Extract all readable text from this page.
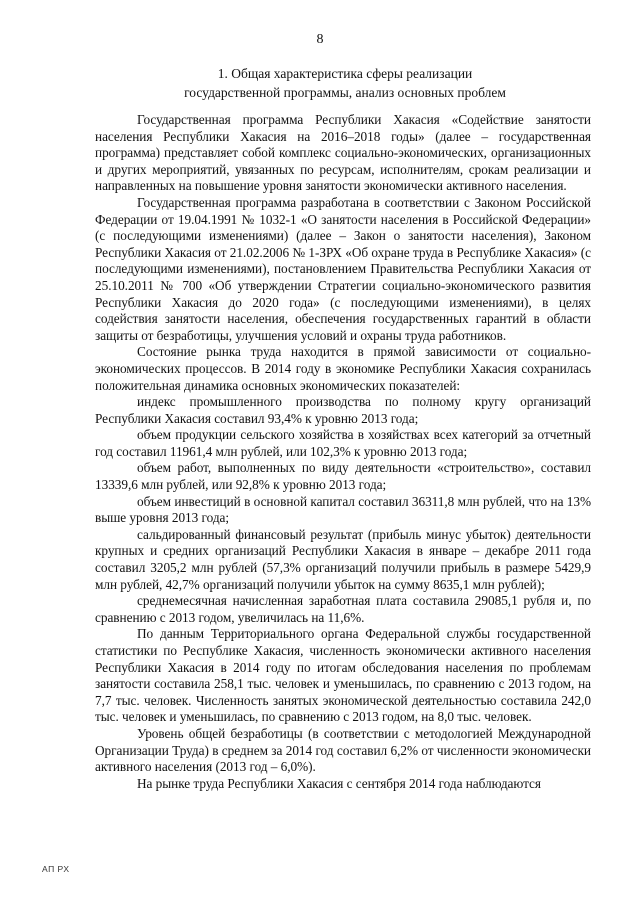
8
1. Общая характеристика сферы реализации
государственной программы, анализ основных проблем

Государственная программа Республики Хакасия «Содействие занятости населения Республики Хакасия на 2016–2018 годы» (далее – государственная программа) представляет собой комплекс социально-экономических, организационных и других мероприятий, увязанных по ресурсам, исполнителям, срокам реализации и направленных на повышение уровня занятости экономически активного населения.

Государственная программа разработана в соответствии с Законом Российской Федерации от 19.04.1991 № 1032-1 «О занятости населения в Российской Федерации» (с последующими изменениями) (далее – Закон о занятости населения), Законом Республики Хакасия от 21.02.2006 № 1-ЗРХ «Об охране труда в Республике Хакасия» (с последующими изменениями), постановлением Правительства Республики Хакасия от 25.10.2011 № 700 «Об утверждении Стратегии социально-экономического развития Республики Хакасия до 2020 года» (с последующими изменениями), в целях содействия занятости населения, обеспечения государственных гарантий в области защиты от безработицы, улучшения условий и охраны труда работников.

Состояние рынка труда находится в прямой зависимости от социально-экономических процессов. В 2014 году в экономике Республики Хакасия сохранилась положительная динамика основных экономических показателей:

индекс промышленного производства по полному кругу организаций Республики Хакасия составил 93,4% к уровню 2013 года;

объем продукции сельского хозяйства в хозяйствах всех категорий за отчетный год составил 11961,4 млн рублей, или 102,3% к уровню 2013 года;

объем работ, выполненных по виду деятельности «строительство», составил 13339,6 млн рублей, или 92,8% к уровню 2013 года;

объем инвестиций в основной капитал составил 36311,8 млн рублей, что на 13% выше уровня 2013 года;

сальдированный финансовый результат (прибыль минус убыток) деятельности крупных и средних организаций Республики Хакасия в январе – декабре 2011 года составил 3205,2 млн рублей (57,3% организаций получили прибыль в размере 5429,9 млн рублей, 42,7% организаций получили убыток на сумму 8635,1 млн рублей);

среднемесячная начисленная заработная плата составила 29085,1 рубля и, по сравнению с 2013 годом, увеличилась на 11,6%.

По данным Территориального органа Федеральной службы государственной статистики по Республике Хакасия, численность экономически активного населения Республики Хакасия в 2014 году по итогам обследования населения по проблемам занятости составила 258,1 тыс. человек и уменьшилась, по сравнению с 2013 годом, на 7,7 тыс. человек. Численность занятых экономической деятельностью составила 242,0 тыс. человек и уменьшилась, по сравнению с 2013 годом, на 8,0 тыс. человек.

Уровень общей безработицы (в соответствии с методологией Международной Организации Труда) в среднем за 2014 год составил 6,2% от численности экономически активного населения (2013 год – 6,0%).

На рынке труда Республики Хакасия с сентября 2014 года наблюдаются

АП РХ
